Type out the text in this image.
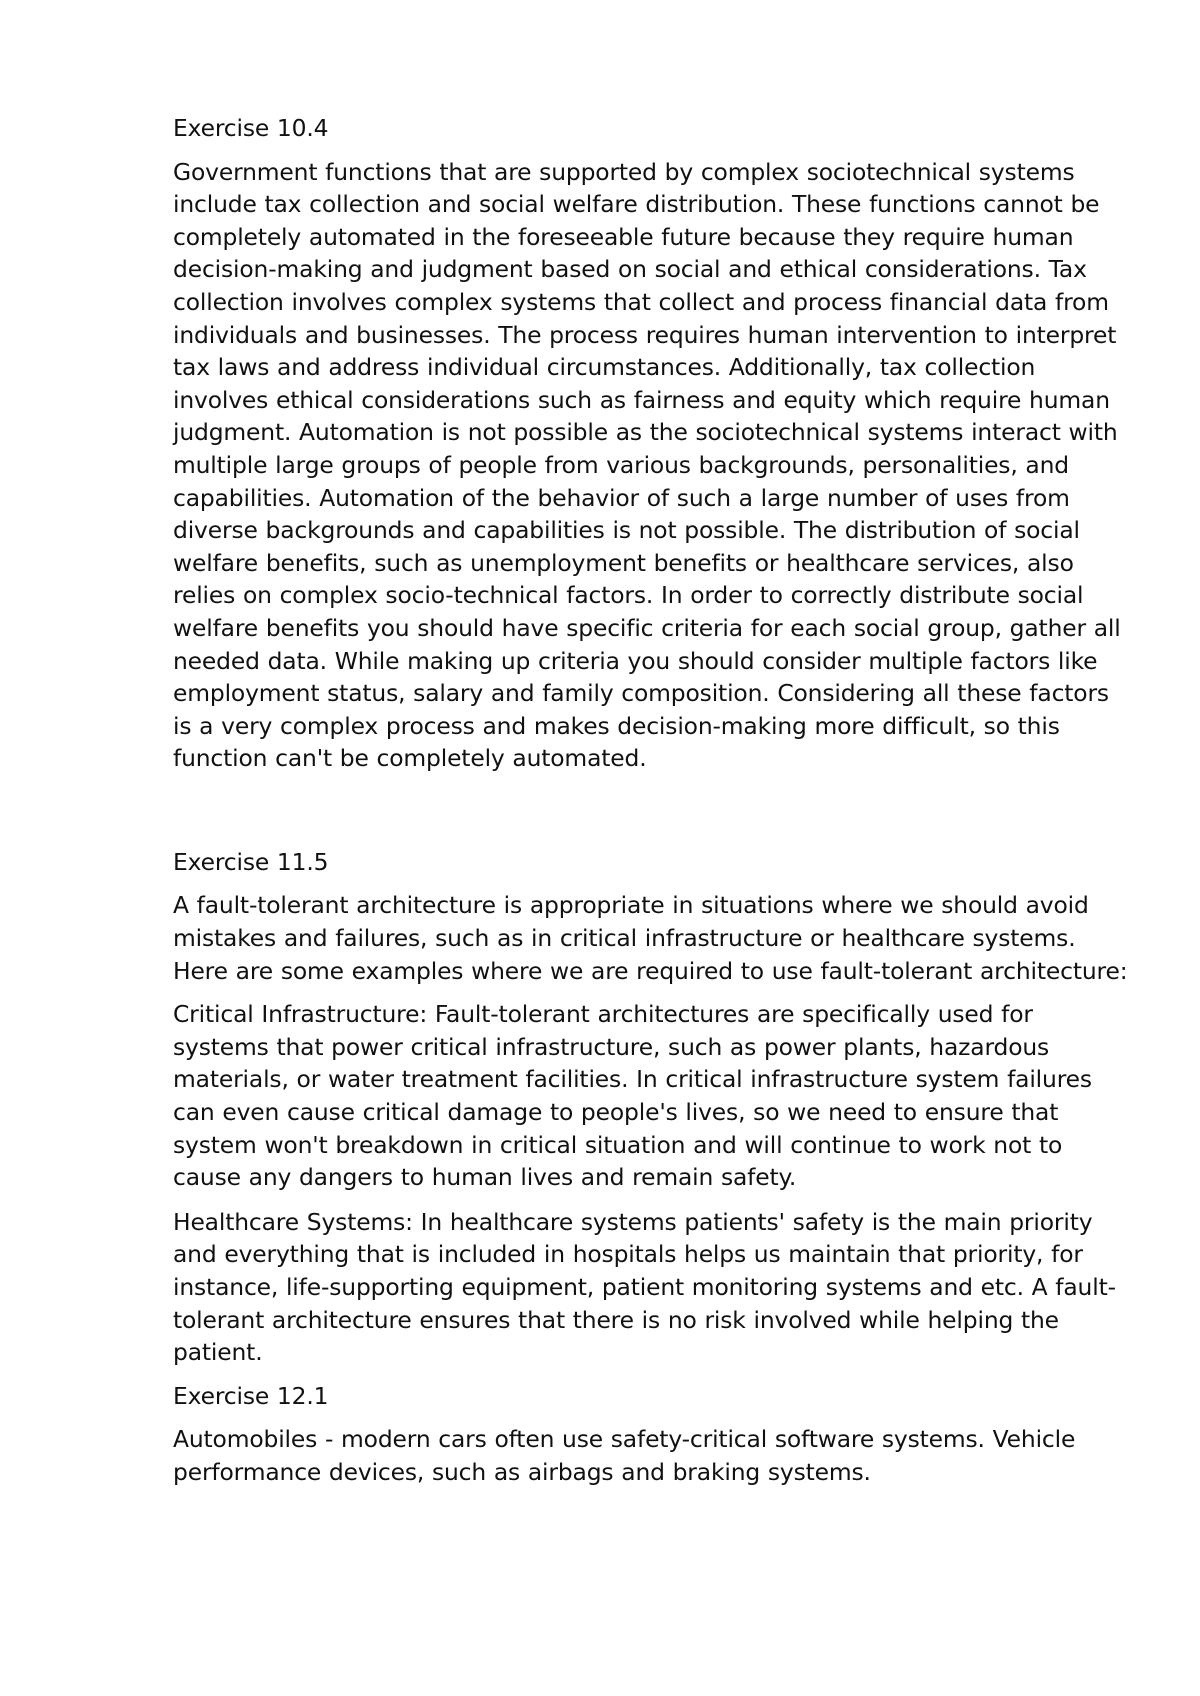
Exercise 10.4

Government functions that are supported by complex sociotechnical systems include tax collection and social welfare distribution. These functions cannot be completely automated in the foreseeable future because they require human decision-making and judgment based on social and ethical considerations. Tax collection involves complex systems that collect and process financial data from individuals and businesses. The process requires human intervention to interpret tax laws and address individual circumstances. Additionally, tax collection involves ethical considerations such as fairness and equity which require human judgment. Automation is not possible as the sociotechnical systems interact with multiple large groups of people from various backgrounds, personalities, and capabilities. Automation of the behavior of such a large number of uses from diverse backgrounds and capabilities is not possible. The distribution of social welfare benefits, such as unemployment benefits or healthcare services, also relies on complex socio-technical factors. In order to correctly distribute social welfare benefits you should have specific criteria for each social group, gather all needed data. While making up criteria you should consider multiple factors like employment status, salary and family composition. Considering all these factors is a very complex process and makes decision-making more difficult, so this function can't be completely automated.

Exercise 11.5

A fault-tolerant architecture is appropriate in situations where we should avoid mistakes and failures, such as in critical infrastructure or healthcare systems. Here are some examples where we are required to use fault-tolerant architecture:

Critical Infrastructure: Fault-tolerant architectures are specifically used for systems that power critical infrastructure, such as power plants, hazardous materials, or water treatment facilities. In critical infrastructure system failures can even cause critical damage to people's lives, so we need to ensure that system won't breakdown in critical situation and will continue to work not to cause any dangers to human lives and remain safety.

Healthcare Systems: In healthcare systems patients' safety is the main priority and everything that is included in hospitals helps us maintain that priority, for instance, life-supporting equipment, patient monitoring systems and etc. A fault-tolerant architecture ensures that there is no risk involved while helping the patient.

Exercise 12.1

Automobiles - modern cars often use safety-critical software systems. Vehicle performance devices, such as airbags and braking systems.
